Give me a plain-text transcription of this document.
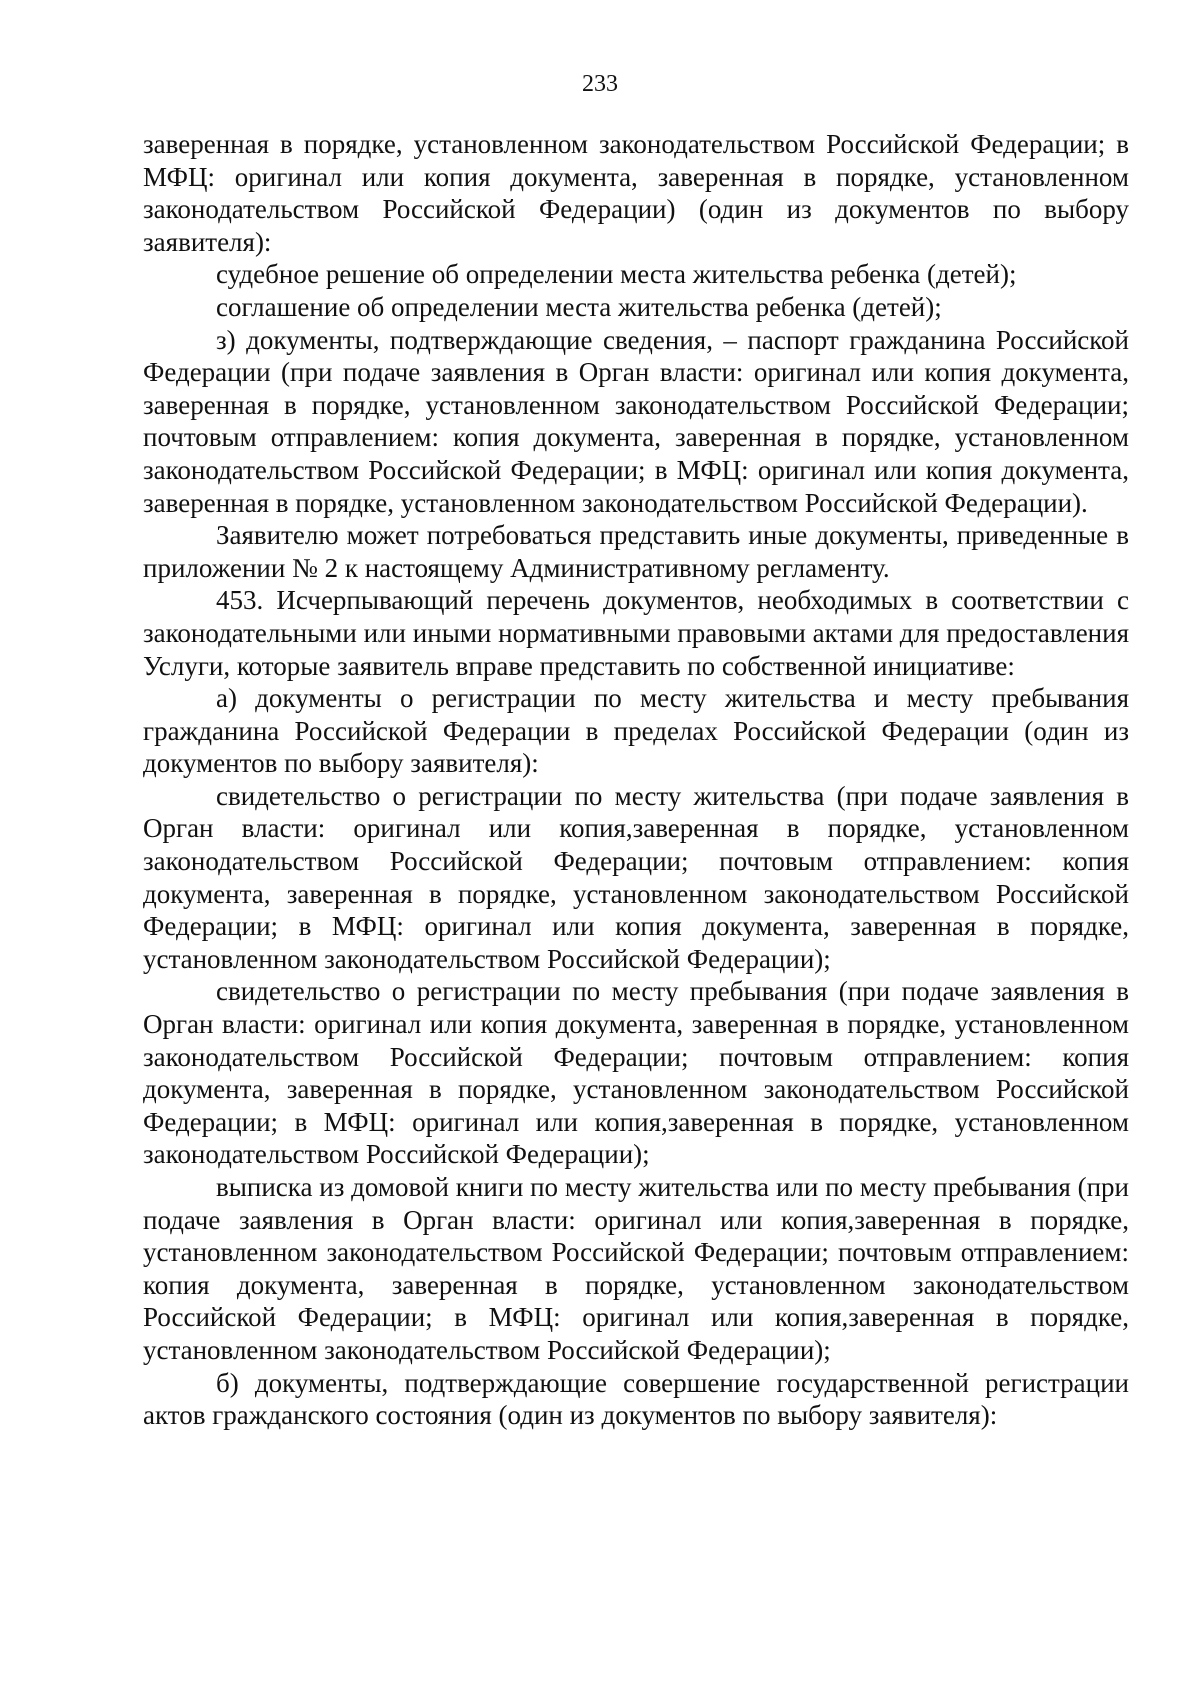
233

заверенная в порядке, установленном законодательством Российской Федерации; в МФЦ: оригинал или копия документа, заверенная в порядке, установленном законодательством Российской Федерации) (один из документов по выбору заявителя):

судебное решение об определении места жительства ребенка (детей);

соглашение об определении места жительства ребенка (детей);

з) документы, подтверждающие сведения, – паспорт гражданина Российской Федерации (при подаче заявления в Орган власти: оригинал или копия документа, заверенная в порядке, установленном законодательством Российской Федерации; почтовым отправлением: копия документа, заверенная в порядке, установленном законодательством Российской Федерации; в МФЦ: оригинал или копия документа, заверенная в порядке, установленном законодательством Российской Федерации).

Заявителю может потребоваться представить иные документы, приведенные в приложении № 2 к настоящему Административному регламенту.

453. Исчерпывающий перечень документов, необходимых в соответствии с законодательными или иными нормативными правовыми актами для предоставления Услуги, которые заявитель вправе представить по собственной инициативе:

а) документы о регистрации по месту жительства и месту пребывания гражданина Российской Федерации в пределах Российской Федерации (один из документов по выбору заявителя):

свидетельство о регистрации по месту жительства (при подаче заявления в Орган власти: оригинал или копия,заверенная в порядке, установленном законодательством Российской Федерации; почтовым отправлением: копия документа, заверенная в порядке, установленном законодательством Российской Федерации; в МФЦ: оригинал или копия документа, заверенная в порядке, установленном законодательством Российской Федерации);

свидетельство о регистрации по месту пребывания (при подаче заявления в Орган власти: оригинал или копия документа, заверенная в порядке, установленном законодательством Российской Федерации; почтовым отправлением: копия документа, заверенная в порядке, установленном законодательством Российской Федерации; в МФЦ: оригинал или копия,заверенная в порядке, установленном законодательством Российской Федерации);

выписка из домовой книги по месту жительства или по месту пребывания (при подаче заявления в Орган власти: оригинал или копия,заверенная в порядке, установленном законодательством Российской Федерации; почтовым отправлением: копия документа, заверенная в порядке, установленном законодательством Российской Федерации; в МФЦ: оригинал или копия,заверенная в порядке, установленном законодательством Российской Федерации);

б) документы, подтверждающие совершение государственной регистрации актов гражданского состояния (один из документов по выбору заявителя):
